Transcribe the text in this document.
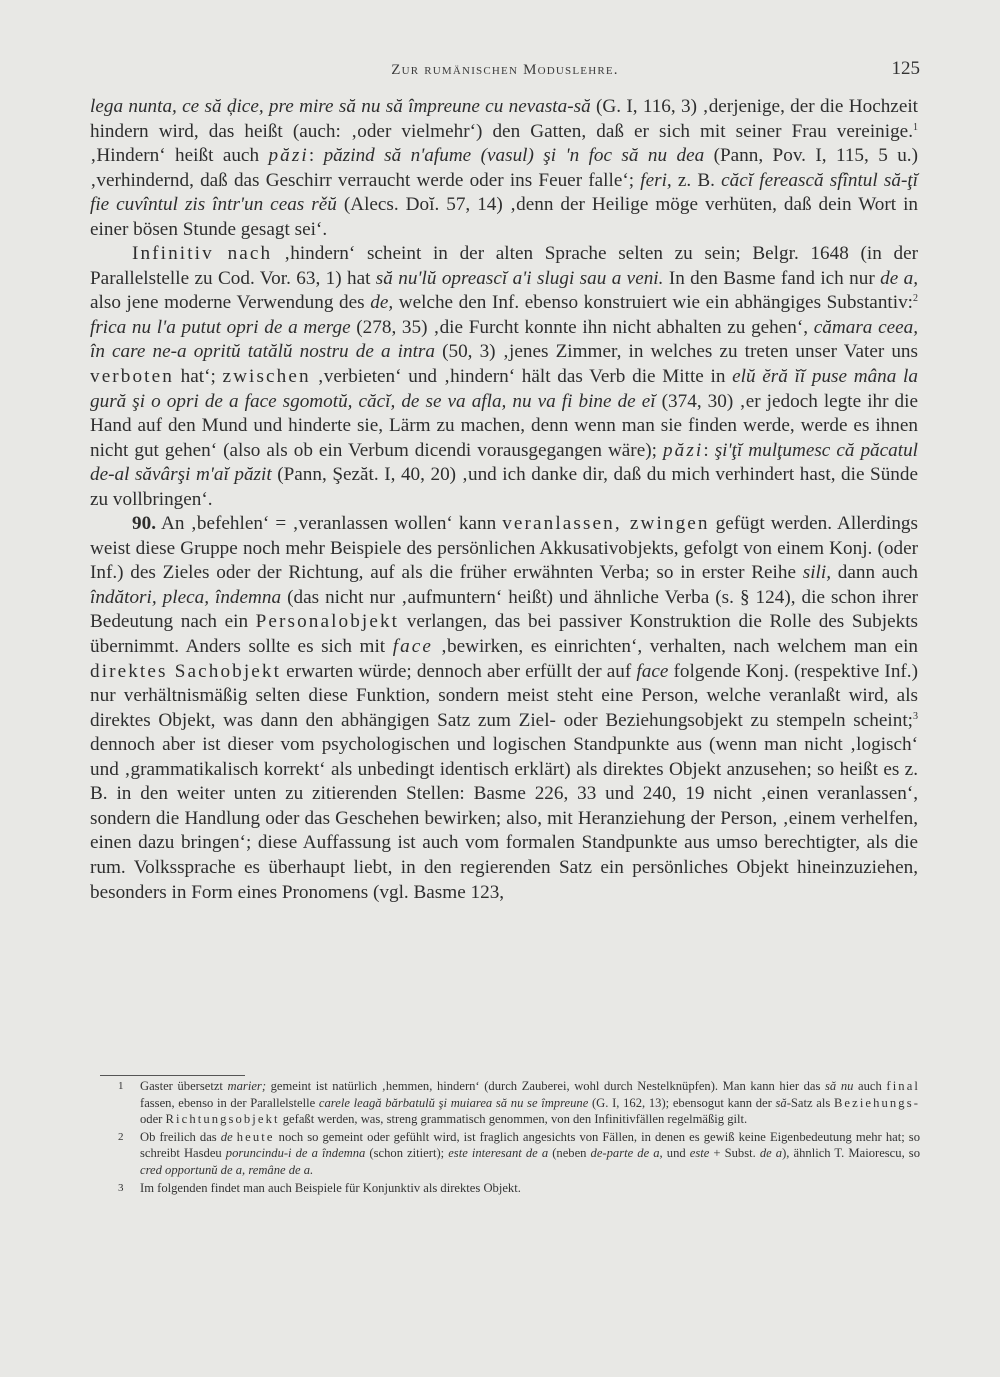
Zur rumänischen Moduslehre.	125

lega nunta, ce să ḑice, pre mire să nu să împreune cu nevasta-să (G. I, 116, 3) ‚derjenige, der die Hochzeit hindern wird, das heißt (auch: ‚oder vielmehr‘) den Gatten, daß er sich mit seiner Frau vereinige.$^1$ ‚Hindern‘ heißt auch păzi: păzind să n'afume (vasul) şi 'n foc să nu dea (Pann, Pov. I, 115, 5 u.) ‚verhindernd, daß das Geschirr verraucht werde oder ins Feuer falle‘; feri, z. B. căcĭ ferească sfîntul să-ţĭ fie cuvîntul zis într'un ceas rěŭ (Alecs. Doĭ. 57, 14) ‚denn der Heilige möge verhüten, daß dein Wort in einer bösen Stunde gesagt sei‘.

Infinitiv nach ‚hindern‘ scheint in der alten Sprache selten zu sein; Belgr. 1648 (in der Parallelstelle zu Cod. Vor. 63, 1) hat să nu'lŭ opreascĭ a'i slugi sau a veni. In den Basme fand ich nur de a, also jene moderne Verwendung des de, welche den Inf. ebenso konstruiert wie ein abhängiges Substantiv:$^2$ frica nu l'a putut opri de a merge (278, 35) ‚die Furcht konnte ihn nicht abhalten zu gehen‘, cămara ceea, în care ne-a opritŭ tatălŭ nostru de a intra (50, 3) ‚jenes Zimmer, in welches zu treten unser Vater uns verboten hat‘; zwischen ‚verbieten‘ und ‚hindern‘ hält das Verb die Mitte in elŭ ĕră ĭĭ puse mâna la gură şi o opri de a face sgomotŭ, căcĭ, de se va afla, nu va fi bine de eĭ (374, 30) ‚er jedoch legte ihr die Hand auf den Mund und hinderte sie, Lärm zu machen, denn wenn man sie finden werde, werde es ihnen nicht gut gehen‘ (also als ob ein Verbum dicendi vorausgegangen wäre); păzi: şi'ţĭ mulţumesc că păcatul de-al săvârşi m'aĭ păzit (Pann, Şezăt. I, 40, 20) ‚und ich danke dir, daß du mich verhindert hast, die Sünde zu vollbringen‘.

90. An ‚befehlen‘ = ‚veranlassen wollen‘ kann veranlassen, zwingen gefügt werden. Allerdings weist diese Gruppe noch mehr Beispiele des persönlichen Akkusativobjekts, gefolgt von einem Konj. (oder Inf.) des Zieles oder der Richtung, auf als die früher erwähnten Verba; so in erster Reihe sili, dann auch îndători, pleca, îndemna (das nicht nur ‚aufmuntern‘ heißt) und ähnliche Verba (s. § 124), die schon ihrer Bedeutung nach ein Personalobjekt verlangen, das bei passiver Konstruktion die Rolle des Subjekts übernimmt. Anders sollte es sich mit face ‚bewirken, es einrichten‘, verhalten, nach welchem man ein direktes Sachobjekt erwarten würde; dennoch aber erfüllt der auf face folgende Konj. (respektive Inf.) nur verhältnismäßig selten diese Funktion, sondern meist steht eine Person, welche veranlaßt wird, als direktes Objekt, was dann den abhängigen Satz zum Ziel- oder Beziehungsobjekt zu stempeln scheint;$^3$ dennoch aber ist dieser vom psychologischen und logischen Standpunkte aus (wenn man nicht ‚logisch‘ und ‚grammatikalisch korrekt‘ als unbedingt identisch erklärt) als direktes Objekt anzusehen; so heißt es z. B. in den weiter unten zu zitierenden Stellen: Basme 226, 33 und 240, 19 nicht ‚einen veranlassen‘, sondern die Handlung oder das Geschehen bewirken; also, mit Heranziehung der Person, ‚einem verhelfen, einen dazu bringen‘; diese Auffassung ist auch vom formalen Standpunkte aus umso berechtigter, als die rum. Volkssprache es überhaupt liebt, in den regierenden Satz ein persönliches Objekt hineinzuziehen, besonders in Form eines Pronomens (vgl. Basme 123,

1 Gaster übersetzt marier; gemeint ist natürlich ‚hemmen, hindern‘ (durch Zauberei, wohl durch Nestelknüpfen). Man kann hier das să nu auch final fassen, ebenso in der Parallelstelle carele leagă bărbatulŭ şi muiarea să nu se împreune (G. I, 162, 13); ebensogut kann der să-Satz als Beziehungs- oder Richtungsobjekt gefaßt werden, was, streng grammatisch genommen, von den Infinitivfällen regelmäßig gilt.

2 Ob freilich das de heute noch so gemeint oder gefühlt wird, ist fraglich angesichts von Fällen, in denen es gewiß keine Eigenbedeutung mehr hat; so schreibt Hasdeu poruncindu-i de a îndemna (schon zitiert); este interesant de a (neben de-parte de a, und este + Subst. de a), ähnlich T. Maiorescu, so cred opportunŭ de a, remâne de a.

3 Im folgenden findet man auch Beispiele für Konjunktiv als direktes Objekt.
